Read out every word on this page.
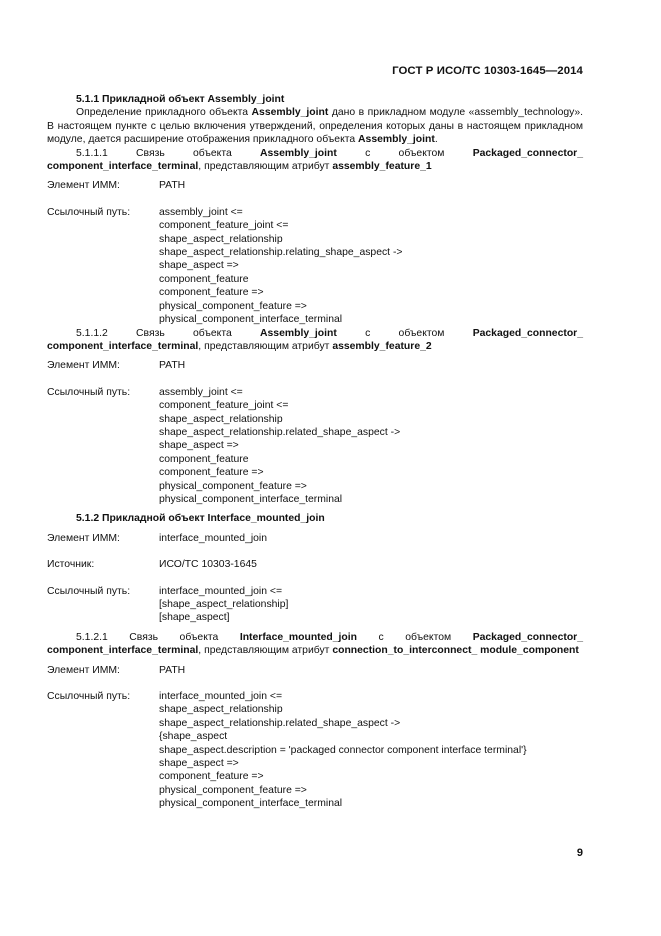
ГОСТ Р ИСО/ТС 10303-1645—2014
5.1.1 Прикладной объект Assembly_joint

Определение прикладного объекта Assembly_joint дано в прикладном модуле «assembly_technology». В настоящем пункте с целью включения утверждений, определения которых даны в настоящем прикладном модуле, дается расширение отображения прикладного объекта Assembly_joint.

5.1.1.1 Связь объекта Assembly_joint с объектом Packaged_connector_ component_interface_terminal, представляющим атрибут assembly_feature_1

Элемент ИММ:	PATH
Ссылочный путь:	assembly_joint <=
component_feature_joint <=
shape_aspect_relationship
shape_aspect_relationship.relating_shape_aspect ->
shape_aspect =>
component_feature
component_feature =>
physical_component_feature =>
physical_component_interface_terminal

5.1.1.2 Связь объекта Assembly_joint с объектом Packaged_connector_ component_interface_terminal, представляющим атрибут assembly_feature_2

Элемент ИММ:	PATH
Ссылочный путь:	assembly_joint <=
component_feature_joint <=
shape_aspect_relationship
shape_aspect_relationship.related_shape_aspect ->
shape_aspect =>
component_feature
component_feature =>
physical_component_feature =>
physical_component_interface_terminal
5.1.2 Прикладной объект Interface_mounted_join
Элемент ИММ:	interface_mounted_join
Источник:	ИСО/ТС 10303-1645
Ссылочный путь:	interface_mounted_join <=
[shape_aspect_relationship]
[shape_aspect]

5.1.2.1 Связь объекта Interface_mounted_join с объектом Packaged_connector_ component_interface_terminal, представляющим атрибут connection_to_interconnect_ module_component

Элемент ИММ:	PATH
Ссылочный путь:	interface_mounted_join <=
shape_aspect_relationship
shape_aspect_relationship.related_shape_aspect ->
{shape_aspect
shape_aspect.description = 'packaged connector component interface terminal'}
shape_aspect =>
component_feature =>
physical_component_feature =>
physical_component_interface_terminal
9
